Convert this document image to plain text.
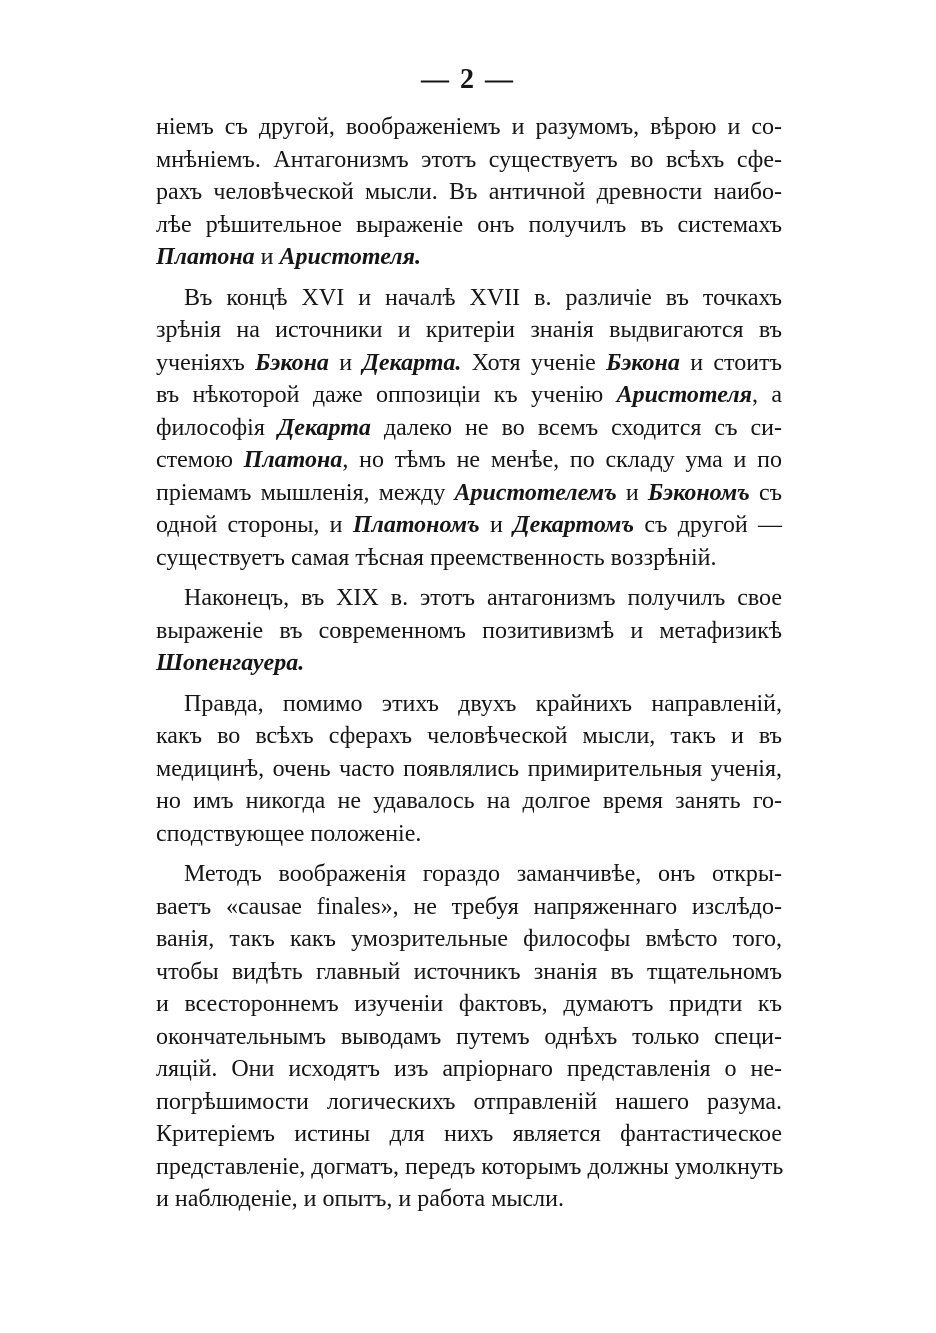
— 2 —
ніемъ съ другой, воображеніемъ и разумомъ, вѣрою и со-
мнѣніемъ. Антагонизмъ этотъ существуетъ во всѣхъ сфе-
рахъ человѣческой мысли. Въ античной древности наибо-
лѣе рѣшительное выраженіе онъ получилъ въ системахъ
Платона и Аристотеля.
Въ концѣ XVI и началѣ XVII в. различіе въ точкахъ
зрѣнія на источники и критеріи знанія выдвигаются въ
ученіяхъ Бэкона и Декарта. Хотя ученіе Бэкона и стоитъ
въ нѣкоторой даже оппозиціи къ ученію Аристотеля, а
философія Декарта далеко не во всемъ сходится съ си-
стемою Платона, но тѣмъ не менѣе, по складу ума и по
пріемамъ мышленія, между Аристотелемъ и Бэкономъ съ
одной стороны, и Платономъ и Декартомъ съ другой —
существуетъ самая тѣсная преемственность воззрѣній.
Наконецъ, въ XIX в. этотъ антагонизмъ получилъ свое
выраженіе въ современномъ позитивизмѣ и метафизикѣ
Шопенгауера.
Правда, помимо этихъ двухъ крайнихъ направленій,
какъ во всѣхъ сферахъ человѣческой мысли, такъ и въ
медицинѣ, очень часто появлялись примирительныя ученія,
но имъ никогда не удавалось на долгое время занять го-
сподствующее положеніе.
Методъ воображенія гораздо заманчивѣе, онъ откры-
ваетъ «causae finales», не требуя напряженнаго изслѣдо-
ванія, такъ какъ умозрительные философы вмѣсто того,
чтобы видѣть главный источникъ знанія въ тщательномъ
и всестороннемъ изученіи фактовъ, думаютъ придти къ
окончательнымъ выводамъ путемъ однѣхъ только специ-
ляцій. Они исходятъ изъ апріорнаго представленія о не-
погрѣшимости логическихъ отправленій нашего разума.
Критеріемъ истины для нихъ является фантастическое
представленіе, догматъ, передъ которымъ должны умолкнуть
и наблюденіе, и опытъ, и работа мысли.
